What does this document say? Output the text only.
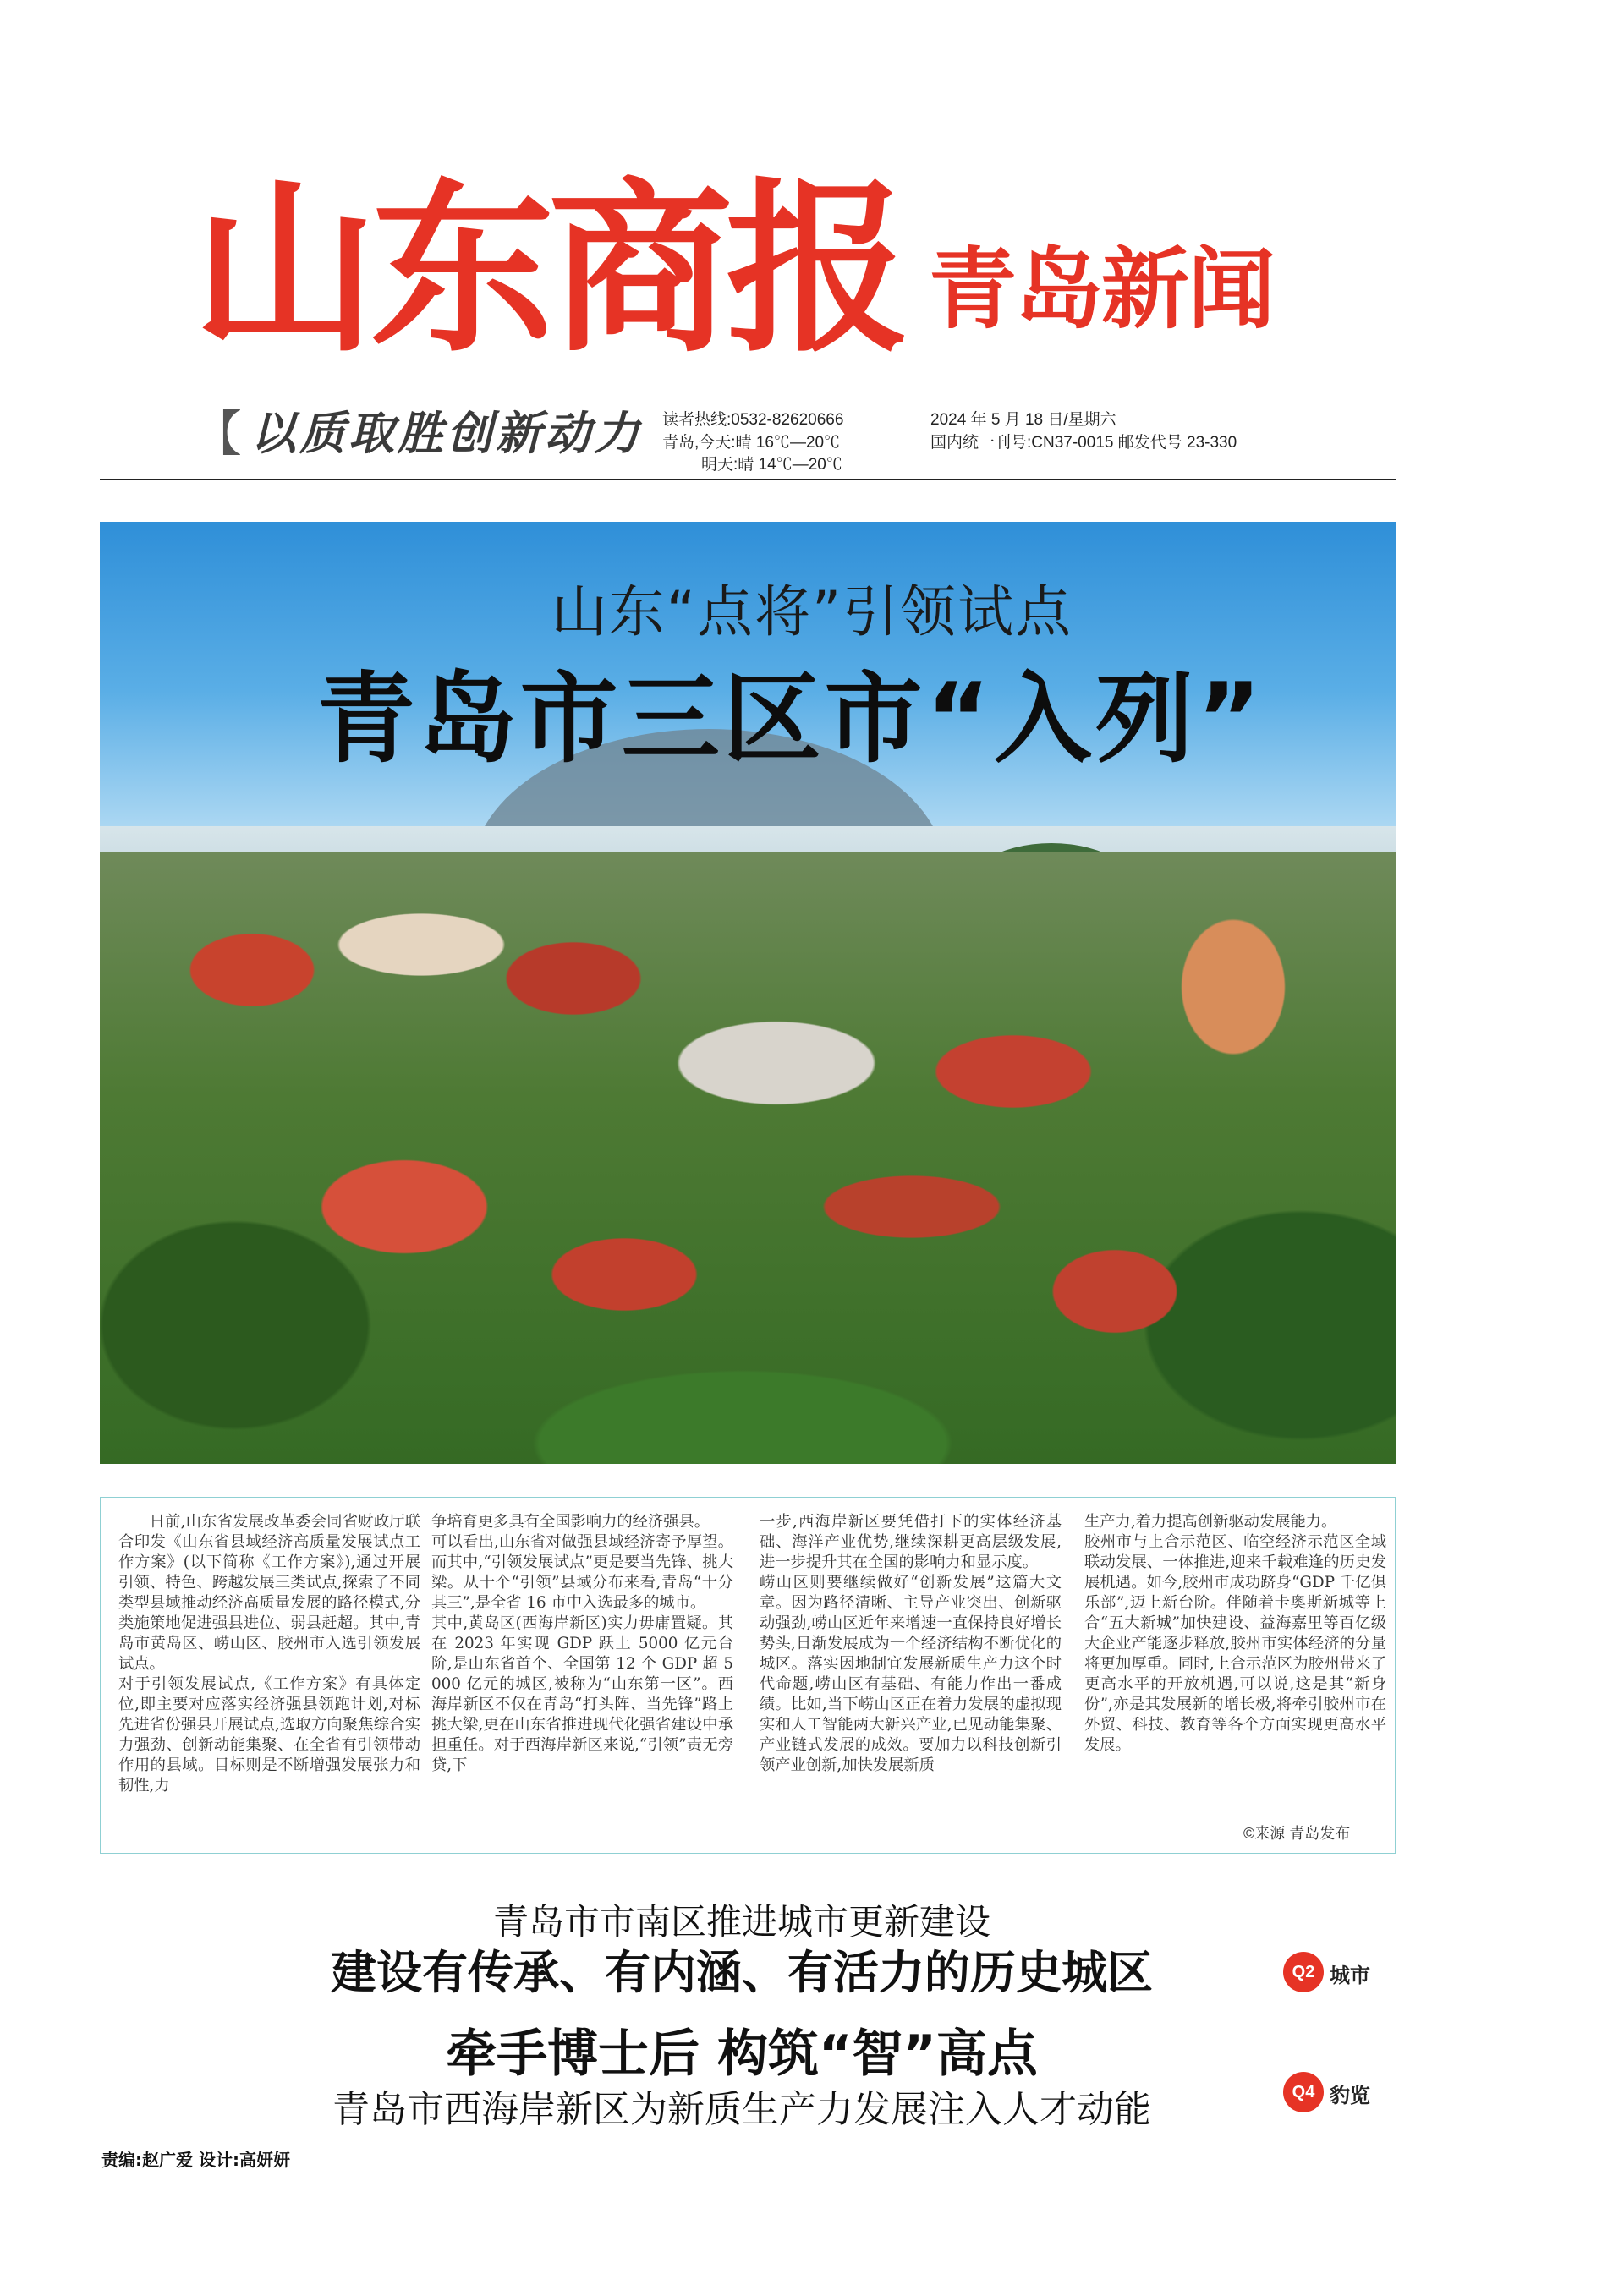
山东商报 青岛新闻
【 以质取胜创新动力 读者热线:0532-82620666
青岛,今天:晴 16℃—20℃
明天:晴 14℃—20℃
2024 年 5 月 18 日/星期六
国内统一刊号:CN37-0015 邮发代号 23-330
山东“点将”引领试点
青岛市三区市“入列”

日前,山东省发展改革委会同省财政厅联合印发《山东省县域经济高质量发展试点工作方案》(以下简称《工作方案》),通过开展引领、特色、跨越发展三类试点,探索了不同类型县域推动经济高质量发展的路径模式,分类施策地促进强县进位、弱县赶超。其中,青岛市黄岛区、崂山区、胶州市入选引领发展试点。
对于引领发展试点,《工作方案》有具体定位,即主要对应落实经济强县领跑计划,对标先进省份强县开展试点,选取方向聚焦综合实力强劲、创新动能集聚、在全省有引领带动作用的县域。目标则是不断增强发展张力和韧性,力

争培育更多具有全国影响力的经济强县。
可以看出,山东省对做强县域经济寄予厚望。而其中,“引领发展试点”更是要当先锋、挑大梁。从十个“引领”县域分布来看,青岛“十分其三”,是全省 16 市中入选最多的城市。
其中,黄岛区(西海岸新区)实力毋庸置疑。其在 2023 年实现 GDP 跃上 5000 亿元台阶,是山东省首个、全国第 12 个 GDP 超 5000 亿元的城区,被称为“山东第一区”。西海岸新区不仅在青岛“打头阵、当先锋”路上挑大梁,更在山东省推进现代化强省建设中承担重任。对于西海岸新区来说,“引领”责无旁贷,下

一步,西海岸新区要凭借打下的实体经济基础、海洋产业优势,继续深耕更高层级发展,进一步提升其在全国的影响力和显示度。
崂山区则要继续做好“创新发展”这篇大文章。因为路径清晰、主导产业突出、创新驱动强劲,崂山区近年来增速一直保持良好增长势头,日渐发展成为一个经济结构不断优化的城区。落实因地制宜发展新质生产力这个时代命题,崂山区有基础、有能力作出一番成绩。比如,当下崂山区正在着力发展的虚拟现实和人工智能两大新兴产业,已见动能集聚、产业链式发展的成效。要加力以科技创新引领产业创新,加快发展新质

生产力,着力提高创新驱动发展能力。
胶州市与上合示范区、临空经济示范区全域联动发展、一体推进,迎来千载难逢的历史发展机遇。如今,胶州市成功跻身“GDP 千亿俱乐部”,迈上新台阶。伴随着卡奥斯新城等上合“五大新城”加快建设、益海嘉里等百亿级大企业产能逐步释放,胶州市实体经济的分量将更加厚重。同时,上合示范区为胶州带来了更高水平的开放机遇,可以说,这是其“新身份”,亦是其发展新的增长极,将牵引胶州市在外贸、科技、教育等各个方面实现更高水平发展。

©来源 青岛发布
青岛市市南区推进城市更新建设
建设有传承、有内涵、有活力的历史城区	Q2 城市
牵手博士后 构筑“智”高点
青岛市西海岸新区为新质生产力发展注入人才动能	Q4 豹览
责编:赵广爱 设计:高妍妍
